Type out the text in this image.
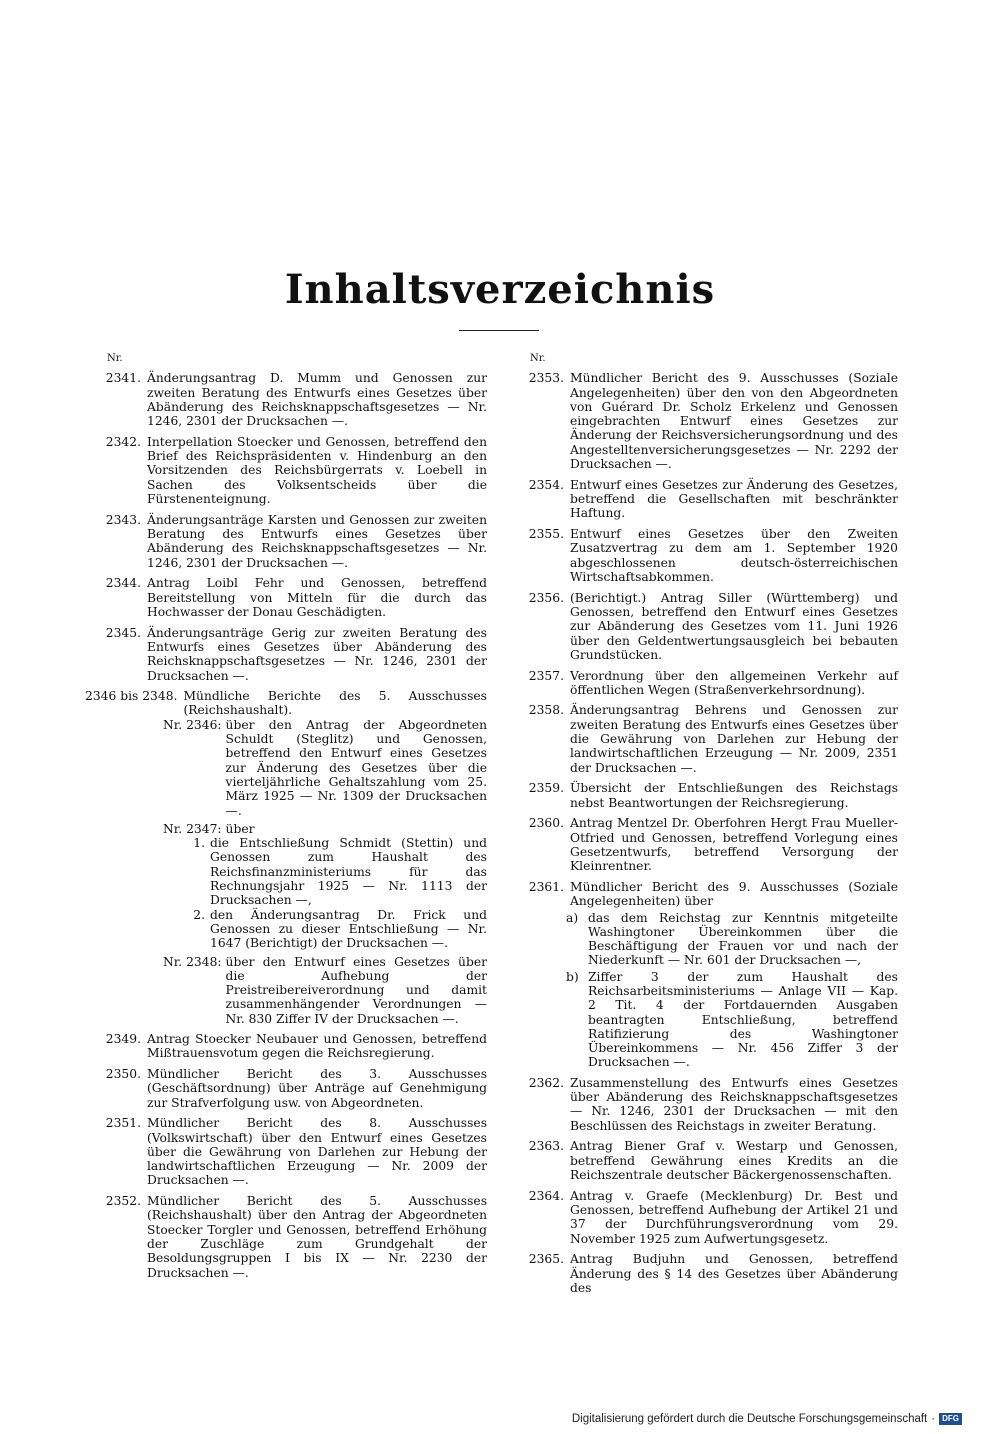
Inhaltsverzeichnis
Nr.
2341. Änderungsantrag D. Mumm und Genossen zur zweiten Beratung des Entwurfs eines Gesetzes über Abänderung des Reichsknappschaftsgesetzes — Nr. 1246, 2301 der Drucksachen —.
2342. Interpellation Stoecker und Genossen, betreffend den Brief des Reichspräsidenten v. Hindenburg an den Vorsitzenden des Reichsbürgerrats v. Loebell in Sachen des Volksentscheids über die Fürstenenteignung.
2343. Änderungsanträge Karsten und Genossen zur zweiten Beratung des Entwurfs eines Gesetzes über Abänderung des Reichsknappschaftsgesetzes — Nr. 1246, 2301 der Drucksachen —.
2344. Antrag Loibl Fehr und Genossen, betreffend Bereitstellung von Mitteln für die durch das Hochwasser der Donau Geschädigten.
2345. Änderungsanträge Gerig zur zweiten Beratung des Entwurfs eines Gesetzes über Abänderung des Reichsknappschaftsgesetzes — Nr. 1246, 2301 der Drucksachen —.
2346 bis 2348. Mündliche Berichte des 5. Ausschusses (Reichshaushalt).
Nr. 2346: über den Antrag der Abgeordneten Schuldt (Steglitz) und Genossen, betreffend den Entwurf eines Gesetzes zur Änderung des Gesetzes über die vierteljährliche Gehaltszahlung vom 25. März 1925 — Nr. 1309 der Drucksachen —.
Nr. 2347: über
1. die Entschließung Schmidt (Stettin) und Genossen zum Haushalt des Reichsfinanzministeriums für das Rechnungsjahr 1925 — Nr. 1113 der Drucksachen —,
2. den Änderungsantrag Dr. Frick und Genossen zu dieser Entschließung — Nr. 1647 (Berichtigt) der Drucksachen —.
Nr. 2348: über den Entwurf eines Gesetzes über die Aufhebung der Preistreibereiverordnung und damit zusammenhängender Verordnungen — Nr. 830 Ziffer IV der Drucksachen —.
2349. Antrag Stoecker Neubauer und Genossen, betreffend Mißtrauensvotum gegen die Reichsregierung.
2350. Mündlicher Bericht des 3. Ausschusses (Geschäftsordnung) über Anträge auf Genehmigung zur Strafverfolgung usw. von Abgeordneten.
2351. Mündlicher Bericht des 8. Ausschusses (Volkswirtschaft) über den Entwurf eines Gesetzes über die Gewährung von Darlehen zur Hebung der landwirtschaftlichen Erzeugung — Nr. 2009 der Drucksachen —.
2352. Mündlicher Bericht des 5. Ausschusses (Reichshaushalt) über den Antrag der Abgeordneten Stoecker Torgler und Genossen, betreffend Erhöhung der Zuschläge zum Grundgehalt der Besoldungsgruppen I bis IX — Nr. 2230 der Drucksachen —.
Nr.
2353. Mündlicher Bericht des 9. Ausschusses (Soziale Angelegenheiten) über den von den Abgeordneten von Guérard Dr. Scholz Erkelenz und Genossen eingebrachten Entwurf eines Gesetzes zur Änderung der Reichsversicherungsordnung und des Angestelltenversicherungsgesetzes — Nr. 2292 der Drucksachen —.
2354. Entwurf eines Gesetzes zur Änderung des Gesetzes, betreffend die Gesellschaften mit beschränkter Haftung.
2355. Entwurf eines Gesetzes über den Zweiten Zusatzvertrag zu dem am 1. September 1920 abgeschlossenen deutsch-österreichischen Wirtschaftsabkommen.
2356. (Berichtigt.) Antrag Siller (Württemberg) und Genossen, betreffend den Entwurf eines Gesetzes zur Abänderung des Gesetzes vom 11. Juni 1926 über den Geldentwertungsausgleich bei bebauten Grundstücken.
2357. Verordnung über den allgemeinen Verkehr auf öffentlichen Wegen (Straßenverkehrsordnung).
2358. Änderungsantrag Behrens und Genossen zur zweiten Beratung des Entwurfs eines Gesetzes über die Gewährung von Darlehen zur Hebung der landwirtschaftlichen Erzeugung — Nr. 2009, 2351 der Drucksachen —.
2359. Übersicht der Entschließungen des Reichstags nebst Beantwortungen der Reichsregierung.
2360. Antrag Mentzel Dr. Oberfohren Hergt Frau Mueller-Otfried und Genossen, betreffend Vorlegung eines Gesetzentwurfs, betreffend Versorgung der Kleinrentner.
2361. Mündlicher Bericht des 9. Ausschusses (Soziale Angelegenheiten) über
a) das dem Reichstag zur Kenntnis mitgeteilte Washingtoner Übereinkommen über die Beschäftigung der Frauen vor und nach der Niederkunft — Nr. 601 der Drucksachen —,
b) Ziffer 3 der zum Haushalt des Reichsarbeitsministeriums — Anlage VII — Kap. 2 Tit. 4 der Fortdauernden Ausgaben beantragten Entschließung, betreffend Ratifizierung des Washingtoner Übereinkommens — Nr. 456 Ziffer 3 der Drucksachen —.
2362. Zusammenstellung des Entwurfs eines Gesetzes über Abänderung des Reichsknappschaftsgesetzes — Nr. 1246, 2301 der Drucksachen — mit den Beschlüssen des Reichstags in zweiter Beratung.
2363. Antrag Biener Graf v. Westarp und Genossen, betreffend Gewährung eines Kredits an die Reichszentrale deutscher Bäckergenossenschaften.
2364. Antrag v. Graefe (Mecklenburg) Dr. Best und Genossen, betreffend Aufhebung der Artikel 21 und 37 der Durchführungsverordnung vom 29. November 1925 zum Aufwertungsgesetz.
2365. Antrag Budjuhn und Genossen, betreffend Änderung des § 14 des Gesetzes über Abänderung des
Digitalisierung gefördert durch die Deutsche Forschungsgemeinschaft · DFG
